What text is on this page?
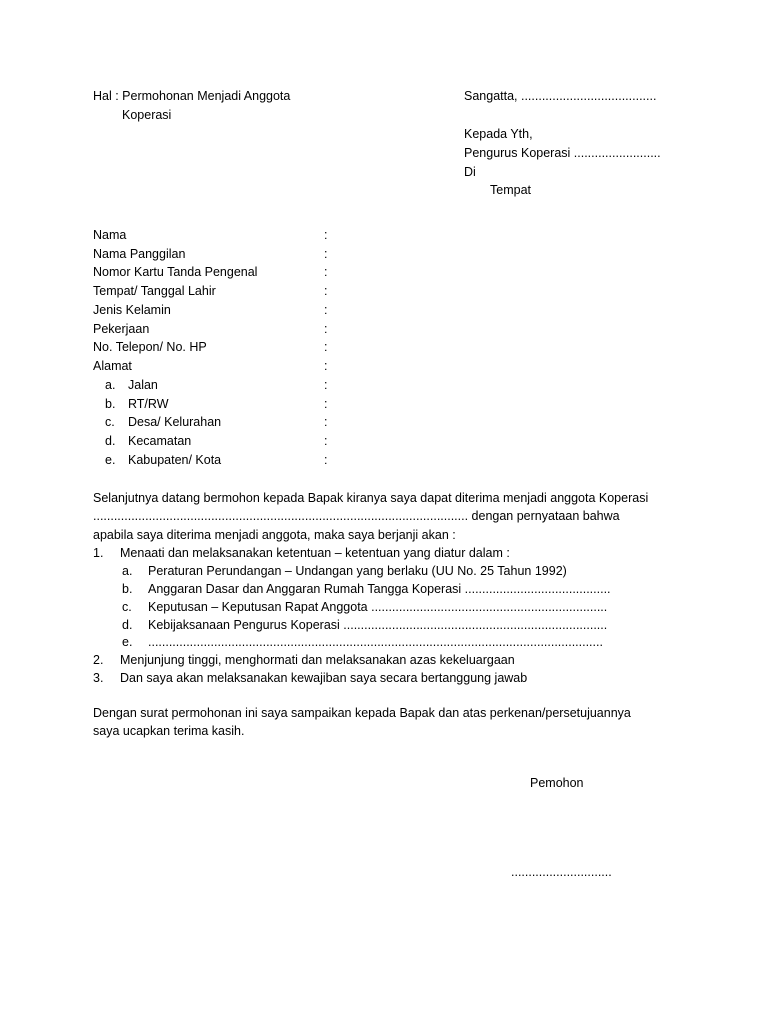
Hal : Permohonan Menjadi Anggota
Koperasi
Sangatta, .......................................
Kepada Yth,
Pengurus Koperasi .........................
Di
Tempat
Nama	:
Nama Panggilan	:
Nomor Kartu Tanda Pengenal	:
Tempat/ Tanggal Lahir	:
Jenis Kelamin	:
Pekerjaan	:
No. Telepon/ No. HP	:
Alamat	:
a. Jalan	:
b. RT/RW	:
c. Desa/ Kelurahan	:
d. Kecamatan	:
e. Kabupaten/ Kota	:
Selanjutnya datang bermohon kepada Bapak kiranya saya dapat diterima menjadi anggota Koperasi
............................................................................................................ dengan pernyataan bahwa
apabila saya diterima menjadi anggota, maka saya berjanji akan :
1. Menaati dan melaksanakan ketentuan – ketentuan yang diatur dalam :
a. Peraturan Perundangan – Undangan yang berlaku (UU No. 25 Tahun 1992)
b. Anggaran Dasar dan Anggaran Rumah Tangga Koperasi ..........................................
c. Keputusan – Keputusan Rapat Anggota ....................................................................
d. Kebijaksanaan Pengurus Koperasi ............................................................................
e. ...................................................................................................................................
2. Menjunjung tinggi, menghormati dan melaksanakan azas kekeluargaan
3. Dan saya akan melaksanakan kewajiban saya secara bertanggung jawab
Dengan surat permohonan ini saya sampaikan kepada Bapak dan atas perkenan/persetujuannya
saya ucapkan terima kasih.
Pemohon
.............................
